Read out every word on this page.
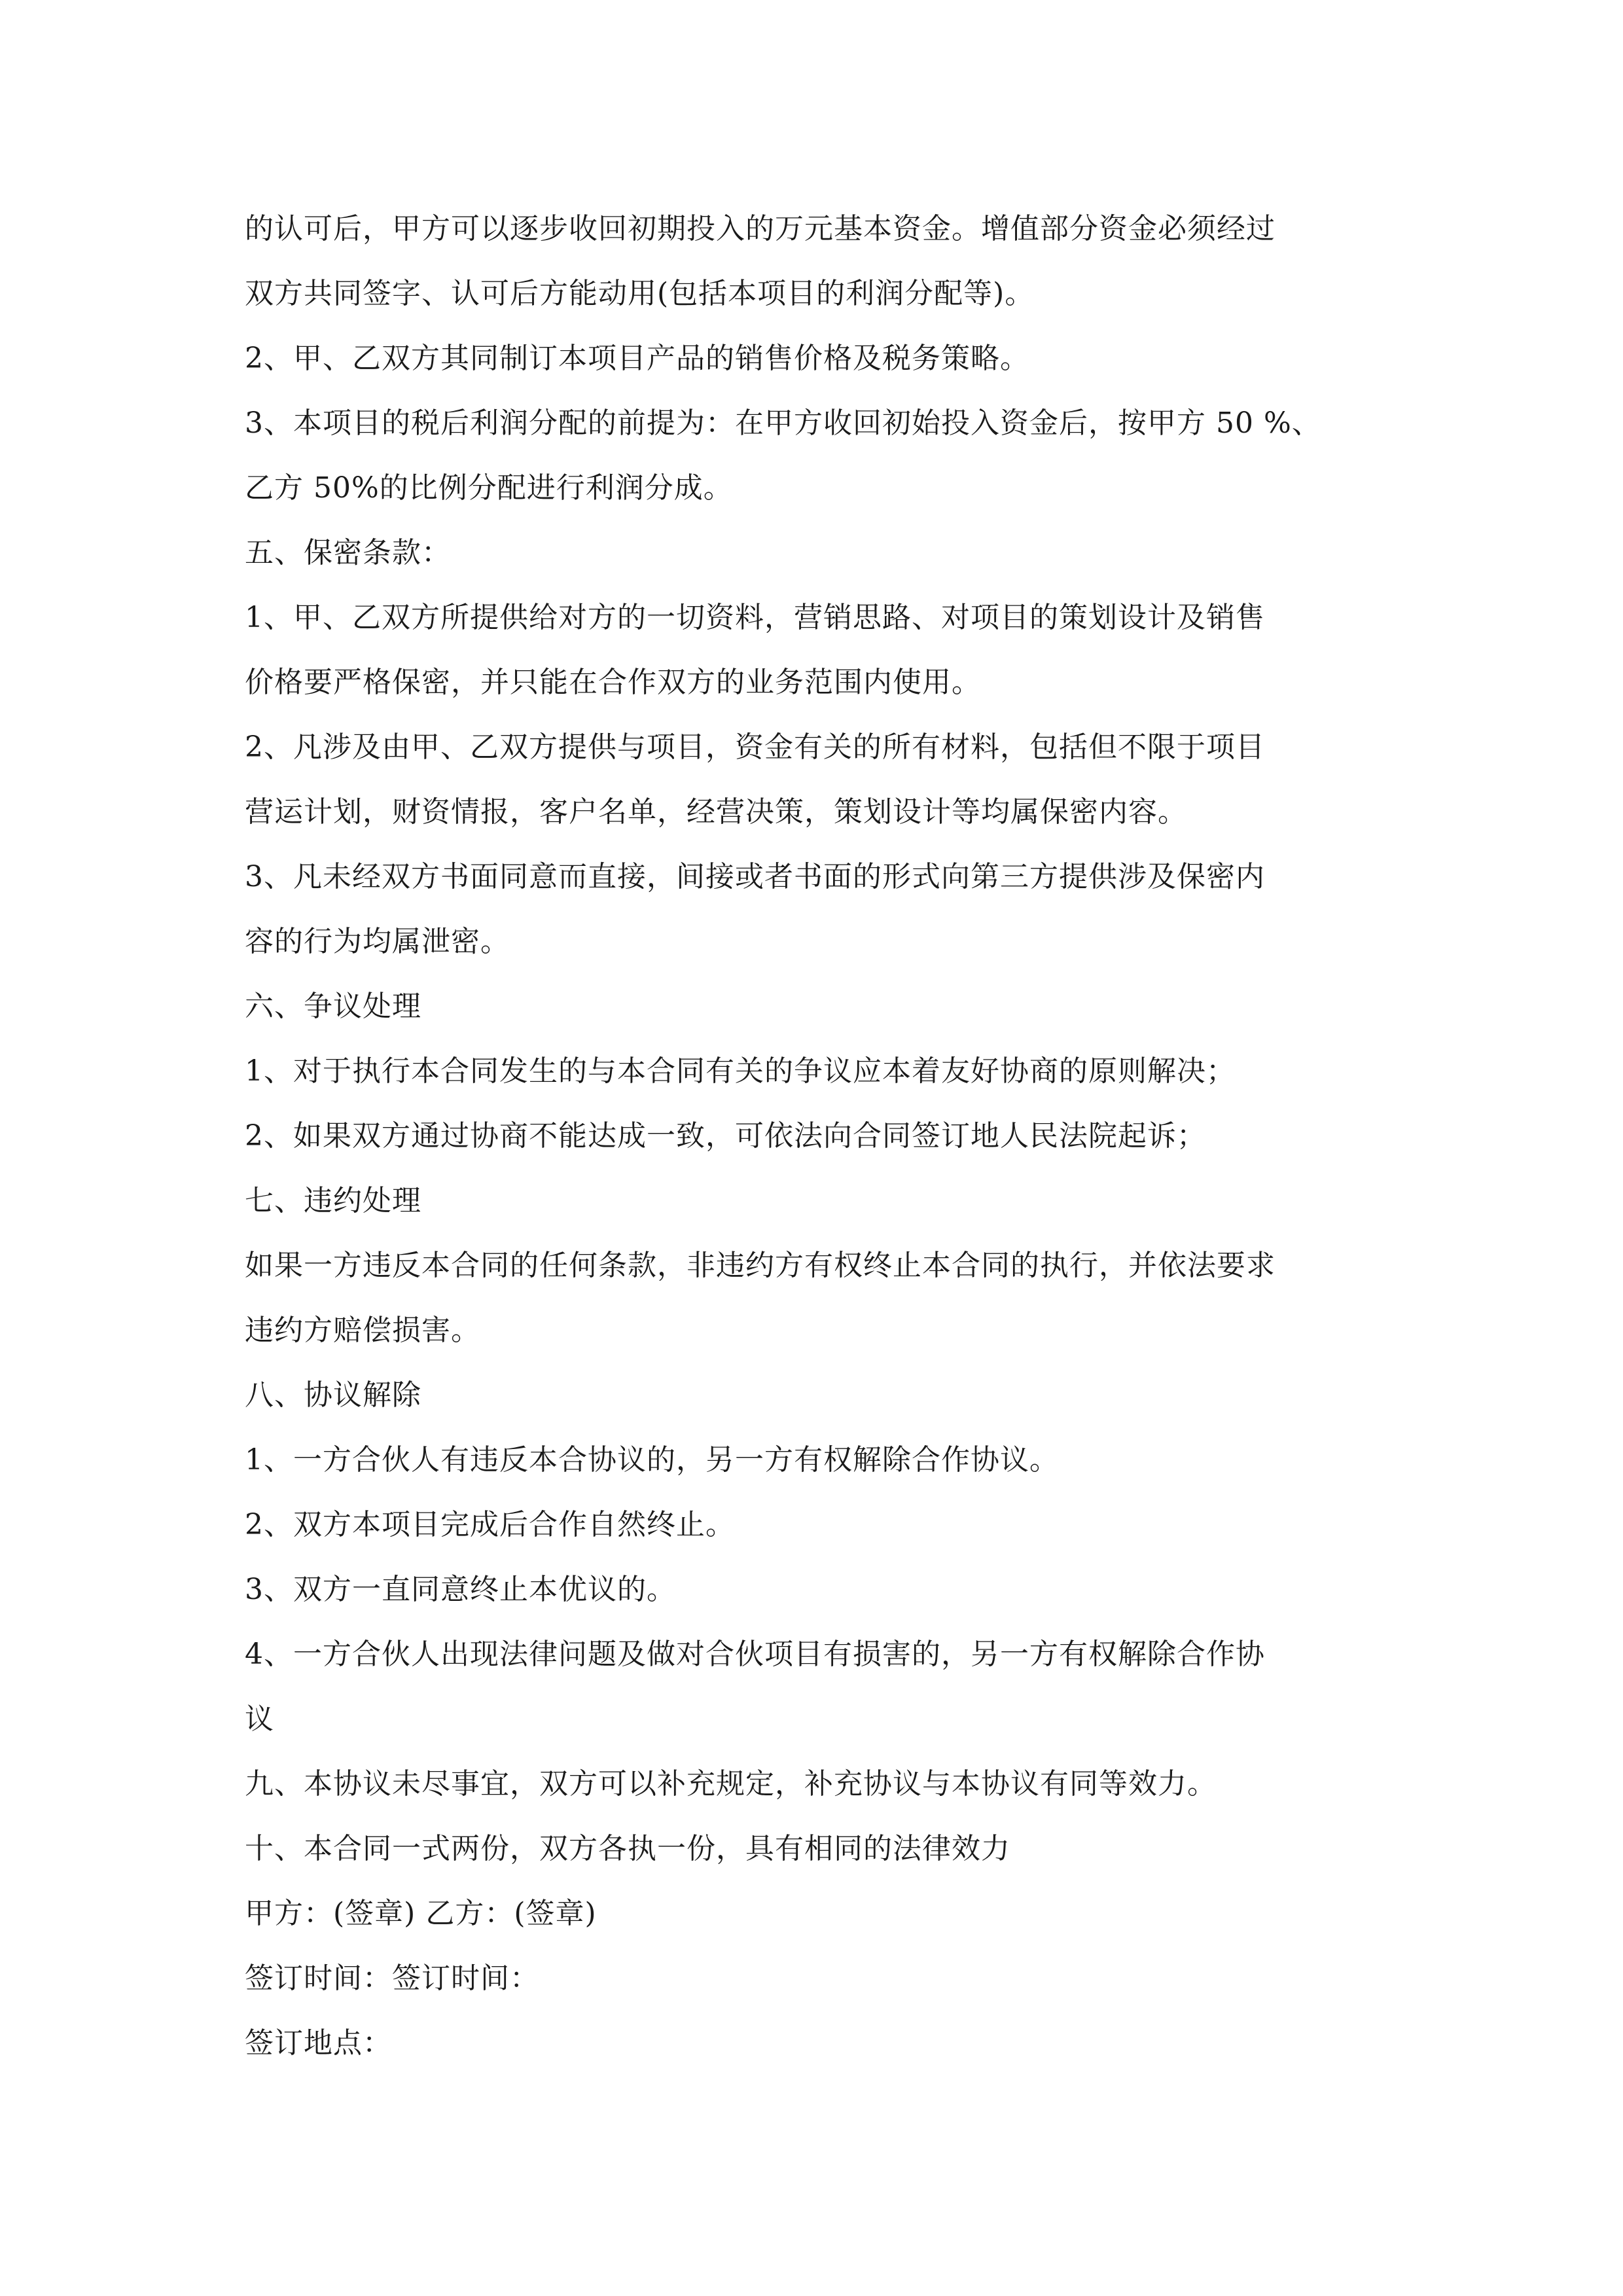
的认可后，甲方可以逐步收回初期投入的万元基本资金。增值部分资金必须经过
双方共同签字、认可后方能动用(包括本项目的利润分配等)。
2、甲、乙双方其同制订本项目产品的销售价格及税务策略。
3、本项目的税后利润分配的前提为：在甲方收回初始投入资金后，按甲方 50 %、
乙方 50%的比例分配进行利润分成。
五、保密条款：
1、甲、乙双方所提供给对方的一切资料，营销思路、对项目的策划设计及销售
价格要严格保密，并只能在合作双方的业务范围内使用。
2、凡涉及由甲、乙双方提供与项目，资金有关的所有材料，包括但不限于项目
营运计划，财资情报，客户名单，经营决策，策划设计等均属保密内容。
3、凡未经双方书面同意而直接，间接或者书面的形式向第三方提供涉及保密内
容的行为均属泄密。
六、争议处理
1、对于执行本合同发生的与本合同有关的争议应本着友好协商的原则解决；
2、如果双方通过协商不能达成一致，可依法向合同签订地人民法院起诉；
七、违约处理
如果一方违反本合同的任何条款，非违约方有权终止本合同的执行，并依法要求
违约方赔偿损害。
八、协议解除
1、一方合伙人有违反本合协议的，另一方有权解除合作协议。
2、双方本项目完成后合作自然终止。
3、双方一直同意终止本优议的。
4、一方合伙人出现法律问题及做对合伙项目有损害的，另一方有权解除合作协
议
九、本协议未尽事宜，双方可以补充规定，补充协议与本协议有同等效力。
十、本合同一式两份，双方各执一份，具有相同的法律效力
甲方：(签章) 乙方：(签章)
签订时间：签订时间：
签订地点：
